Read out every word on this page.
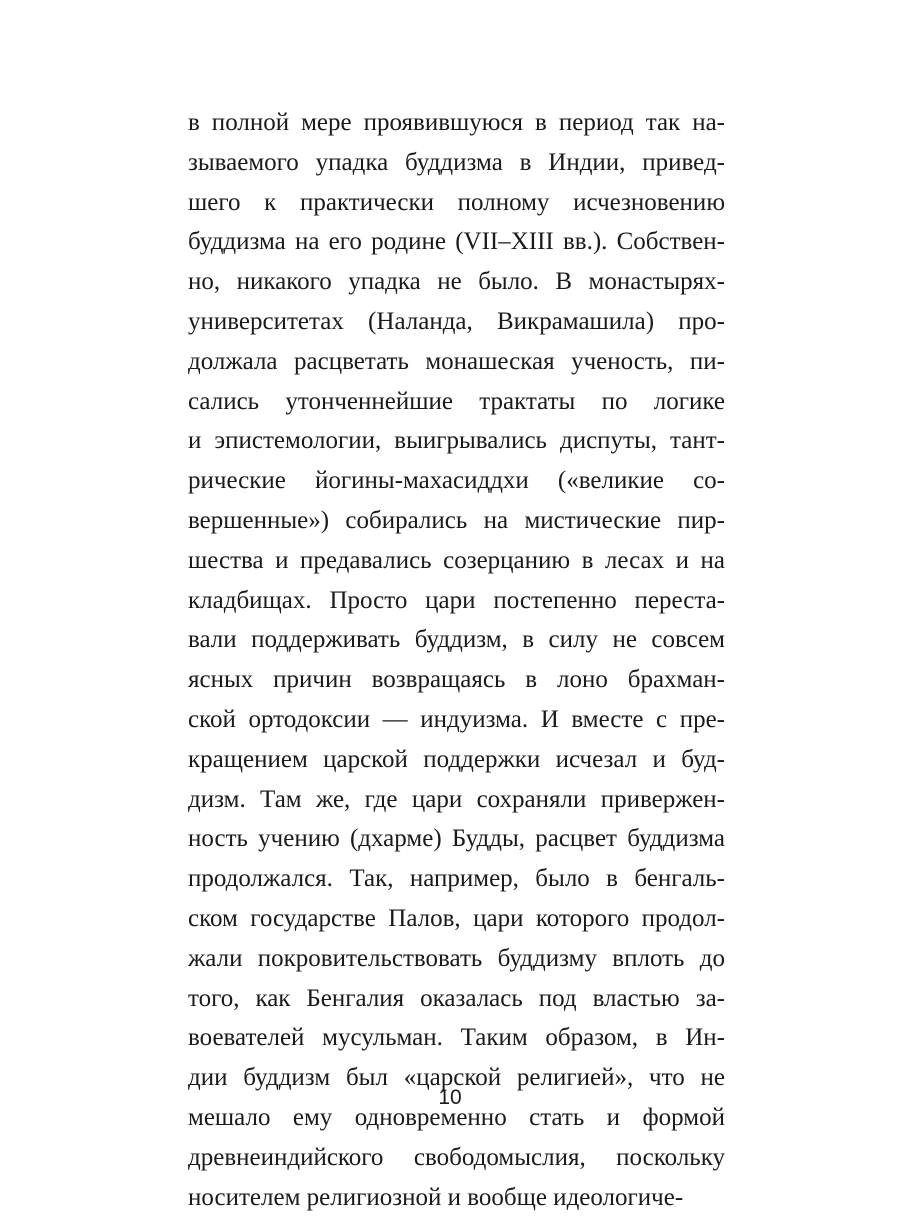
в полной мере проявившуюся в период так на-
зываемого упадка буддизма в Индии, привед-
шего к практически полному исчезновению
буддизма на его родине (VII–XIII вв.). Собствен-
но, никакого упадка не было. В монастырях-
университетах (Наланда, Викрамашила) про-
должала расцветать монашеская ученость, пи-
сались утонченнейшие трактаты по логике
и эпистемологии, выигрывались диспуты, тант-
рические йогины-махасиддхи («великие со-
вершенные») собирались на мистические пир-
шества и предавались созерцанию в лесах и на
кладбищах. Просто цари постепенно переста-
вали поддерживать буддизм, в силу не совсем
ясных причин возвращаясь в лоно брахман-
ской ортодоксии — индуизма. И вместе с пре-
кращением царской поддержки исчезал и буд-
дизм. Там же, где цари сохраняли привержен-
ность учению (дхарме) Будды, расцвет буддизма
продолжался. Так, например, было в бенгаль-
ском государстве Палов, цари которого продол-
жали покровительствовать буддизму вплоть до
того, как Бенгалия оказалась под властью за-
воевателей мусульман. Таким образом, в Ин-
дии буддизм был «царской религией», что не
мешало ему одновременно стать и формой
древнеиндийского свободомыслия, поскольку
носителем религиозной и вообще идеологиче-
10
